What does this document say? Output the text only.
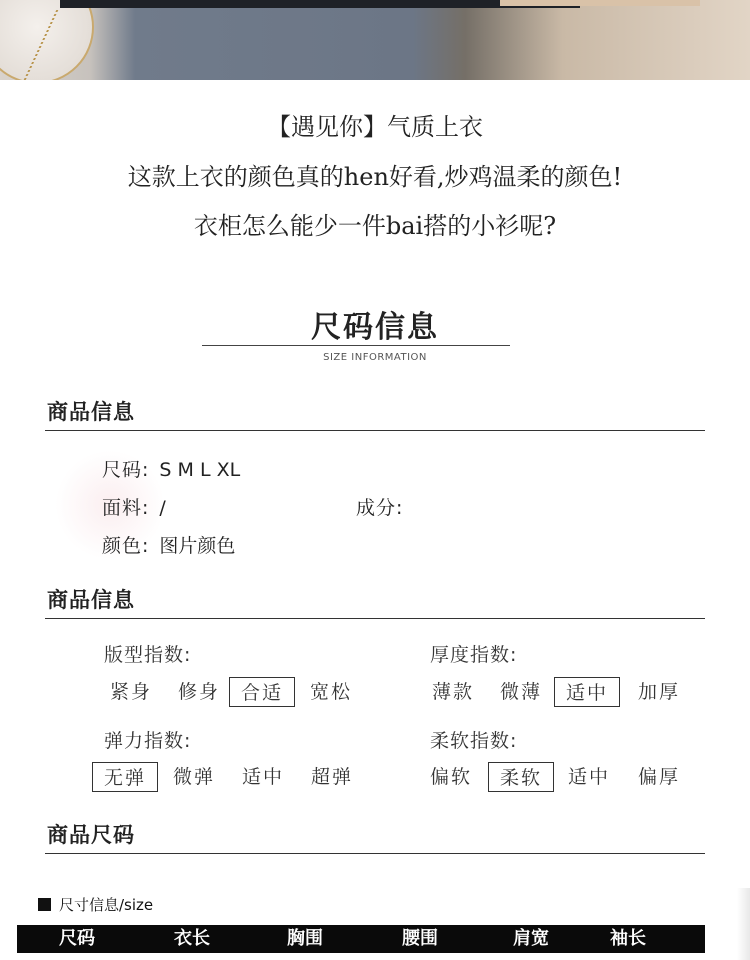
【遇见你】气质上衣
这款上衣的颜色真的hen好看,炒鸡温柔的颜色!
衣柜怎么能少一件bai搭的小衫呢?
尺码信息
SIZE INFORMATION
商品信息
尺码: S M L XL
面料: /	成分:
颜色: 图片颜色
商品信息
版型指数:
紧身	修身	合适	宽松
厚度指数:
薄款	微薄	适中	加厚
弹力指数:
无弹	微弹	适中	超弹
柔软指数:
偏软	柔软	适中	偏厚
商品尺码
尺寸信息/size
尺码	衣长	胸围	腰围	肩宽	袖长
